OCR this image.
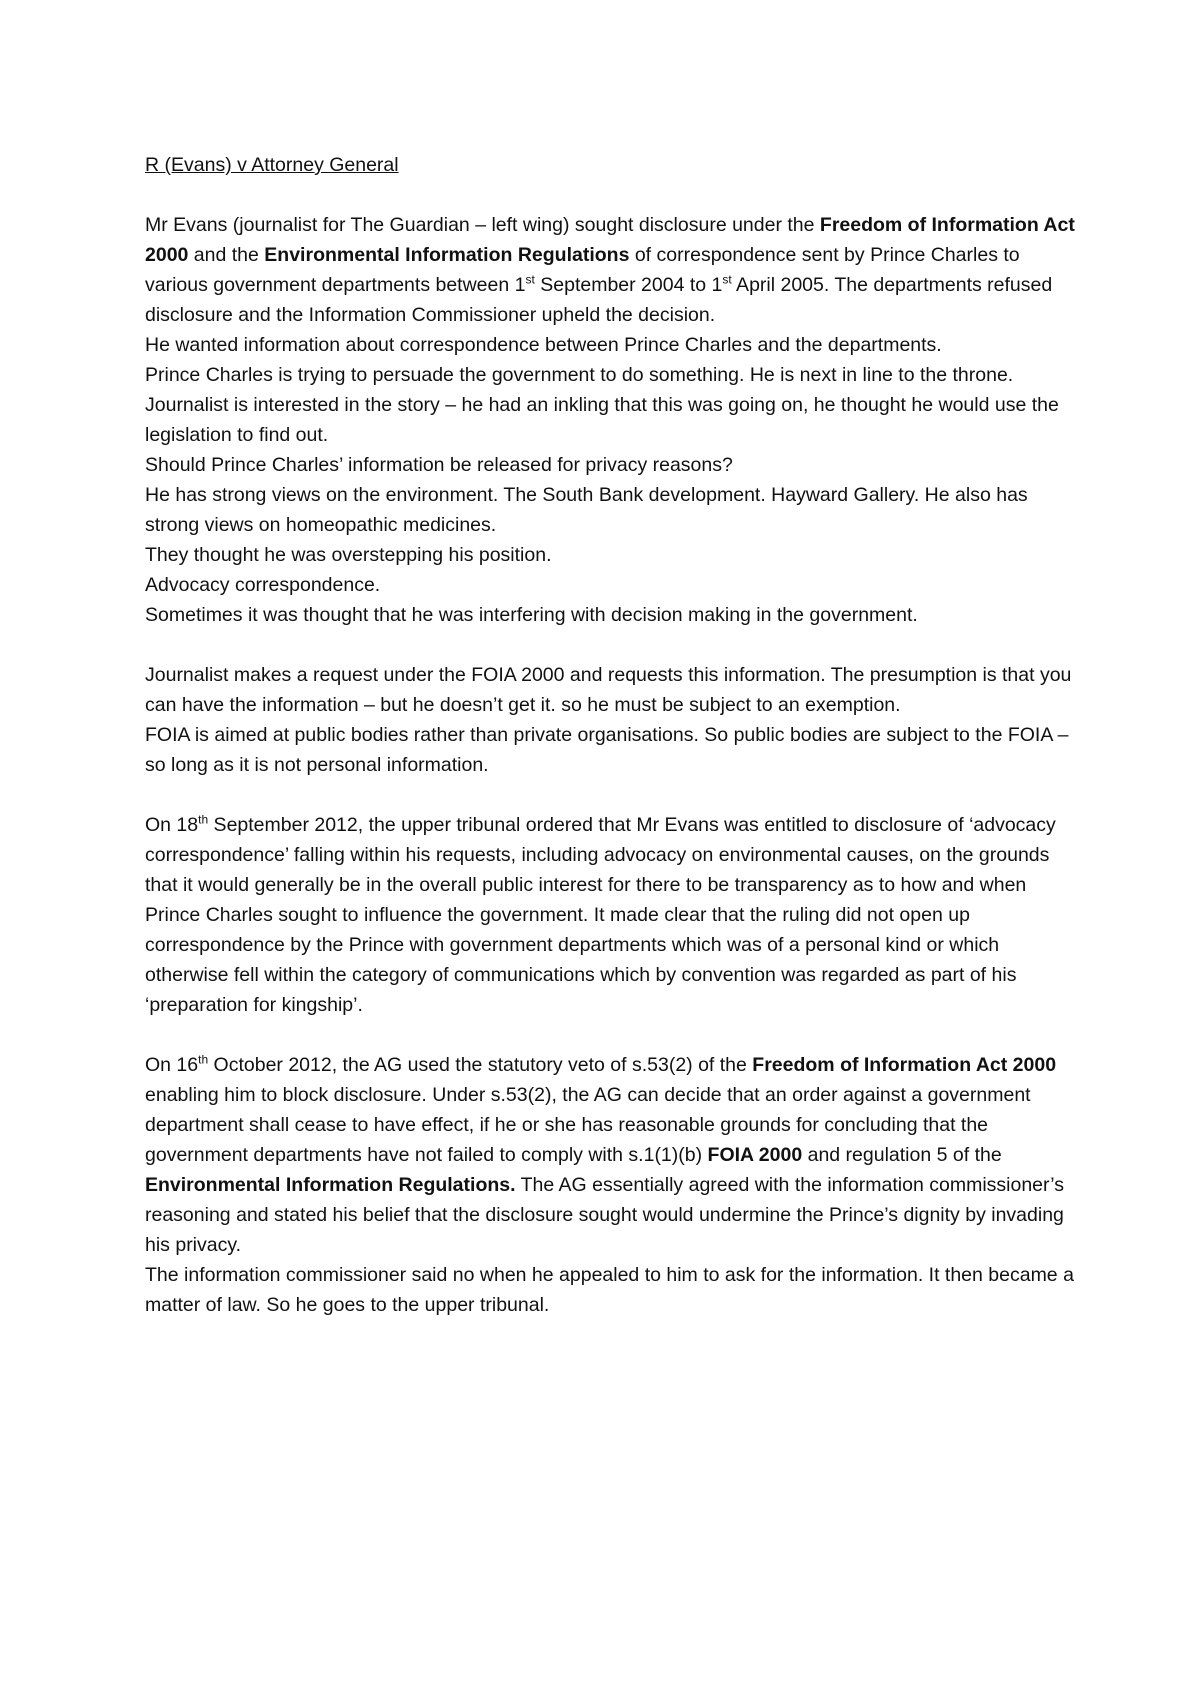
R (Evans) v Attorney General

Mr Evans (journalist for The Guardian – left wing) sought disclosure under the Freedom of Information Act 2000 and the Environmental Information Regulations of correspondence sent by Prince Charles to various government departments between 1st September 2004 to 1st April 2005. The departments refused disclosure and the Information Commissioner upheld the decision.

He wanted information about correspondence between Prince Charles and the departments.

Prince Charles is trying to persuade the government to do something. He is next in line to the throne.

Journalist is interested in the story – he had an inkling that this was going on, he thought he would use the legislation to find out.

Should Prince Charles’ information be released for privacy reasons?

He has strong views on the environment. The South Bank development. Hayward Gallery. He also has strong views on homeopathic medicines.

They thought he was overstepping his position.

Advocacy correspondence.

Sometimes it was thought that he was interfering with decision making in the government.

Journalist makes a request under the FOIA 2000 and requests this information. The presumption is that you can have the information – but he doesn’t get it. so he must be subject to an exemption.

FOIA is aimed at public bodies rather than private organisations. So public bodies are subject to the FOIA – so long as it is not personal information.

On 18th September 2012, the upper tribunal ordered that Mr Evans was entitled to disclosure of ‘advocacy correspondence’ falling within his requests, including advocacy on environmental causes, on the grounds that it would generally be in the overall public interest for there to be transparency as to how and when Prince Charles sought to influence the government. It made clear that the ruling did not open up correspondence by the Prince with government departments which was of a personal kind or which otherwise fell within the category of communications which by convention was regarded as part of his ‘preparation for kingship’.

On 16th October 2012, the AG used the statutory veto of s.53(2) of the Freedom of Information Act 2000 enabling him to block disclosure. Under s.53(2), the AG can decide that an order against a government department shall cease to have effect, if he or she has reasonable grounds for concluding that the government departments have not failed to comply with s.1(1)(b) FOIA 2000 and regulation 5 of the Environmental Information Regulations. The AG essentially agreed with the information commissioner’s reasoning and stated his belief that the disclosure sought would undermine the Prince’s dignity by invading his privacy.

The information commissioner said no when he appealed to him to ask for the information. It then became a matter of law. So he goes to the upper tribunal.
